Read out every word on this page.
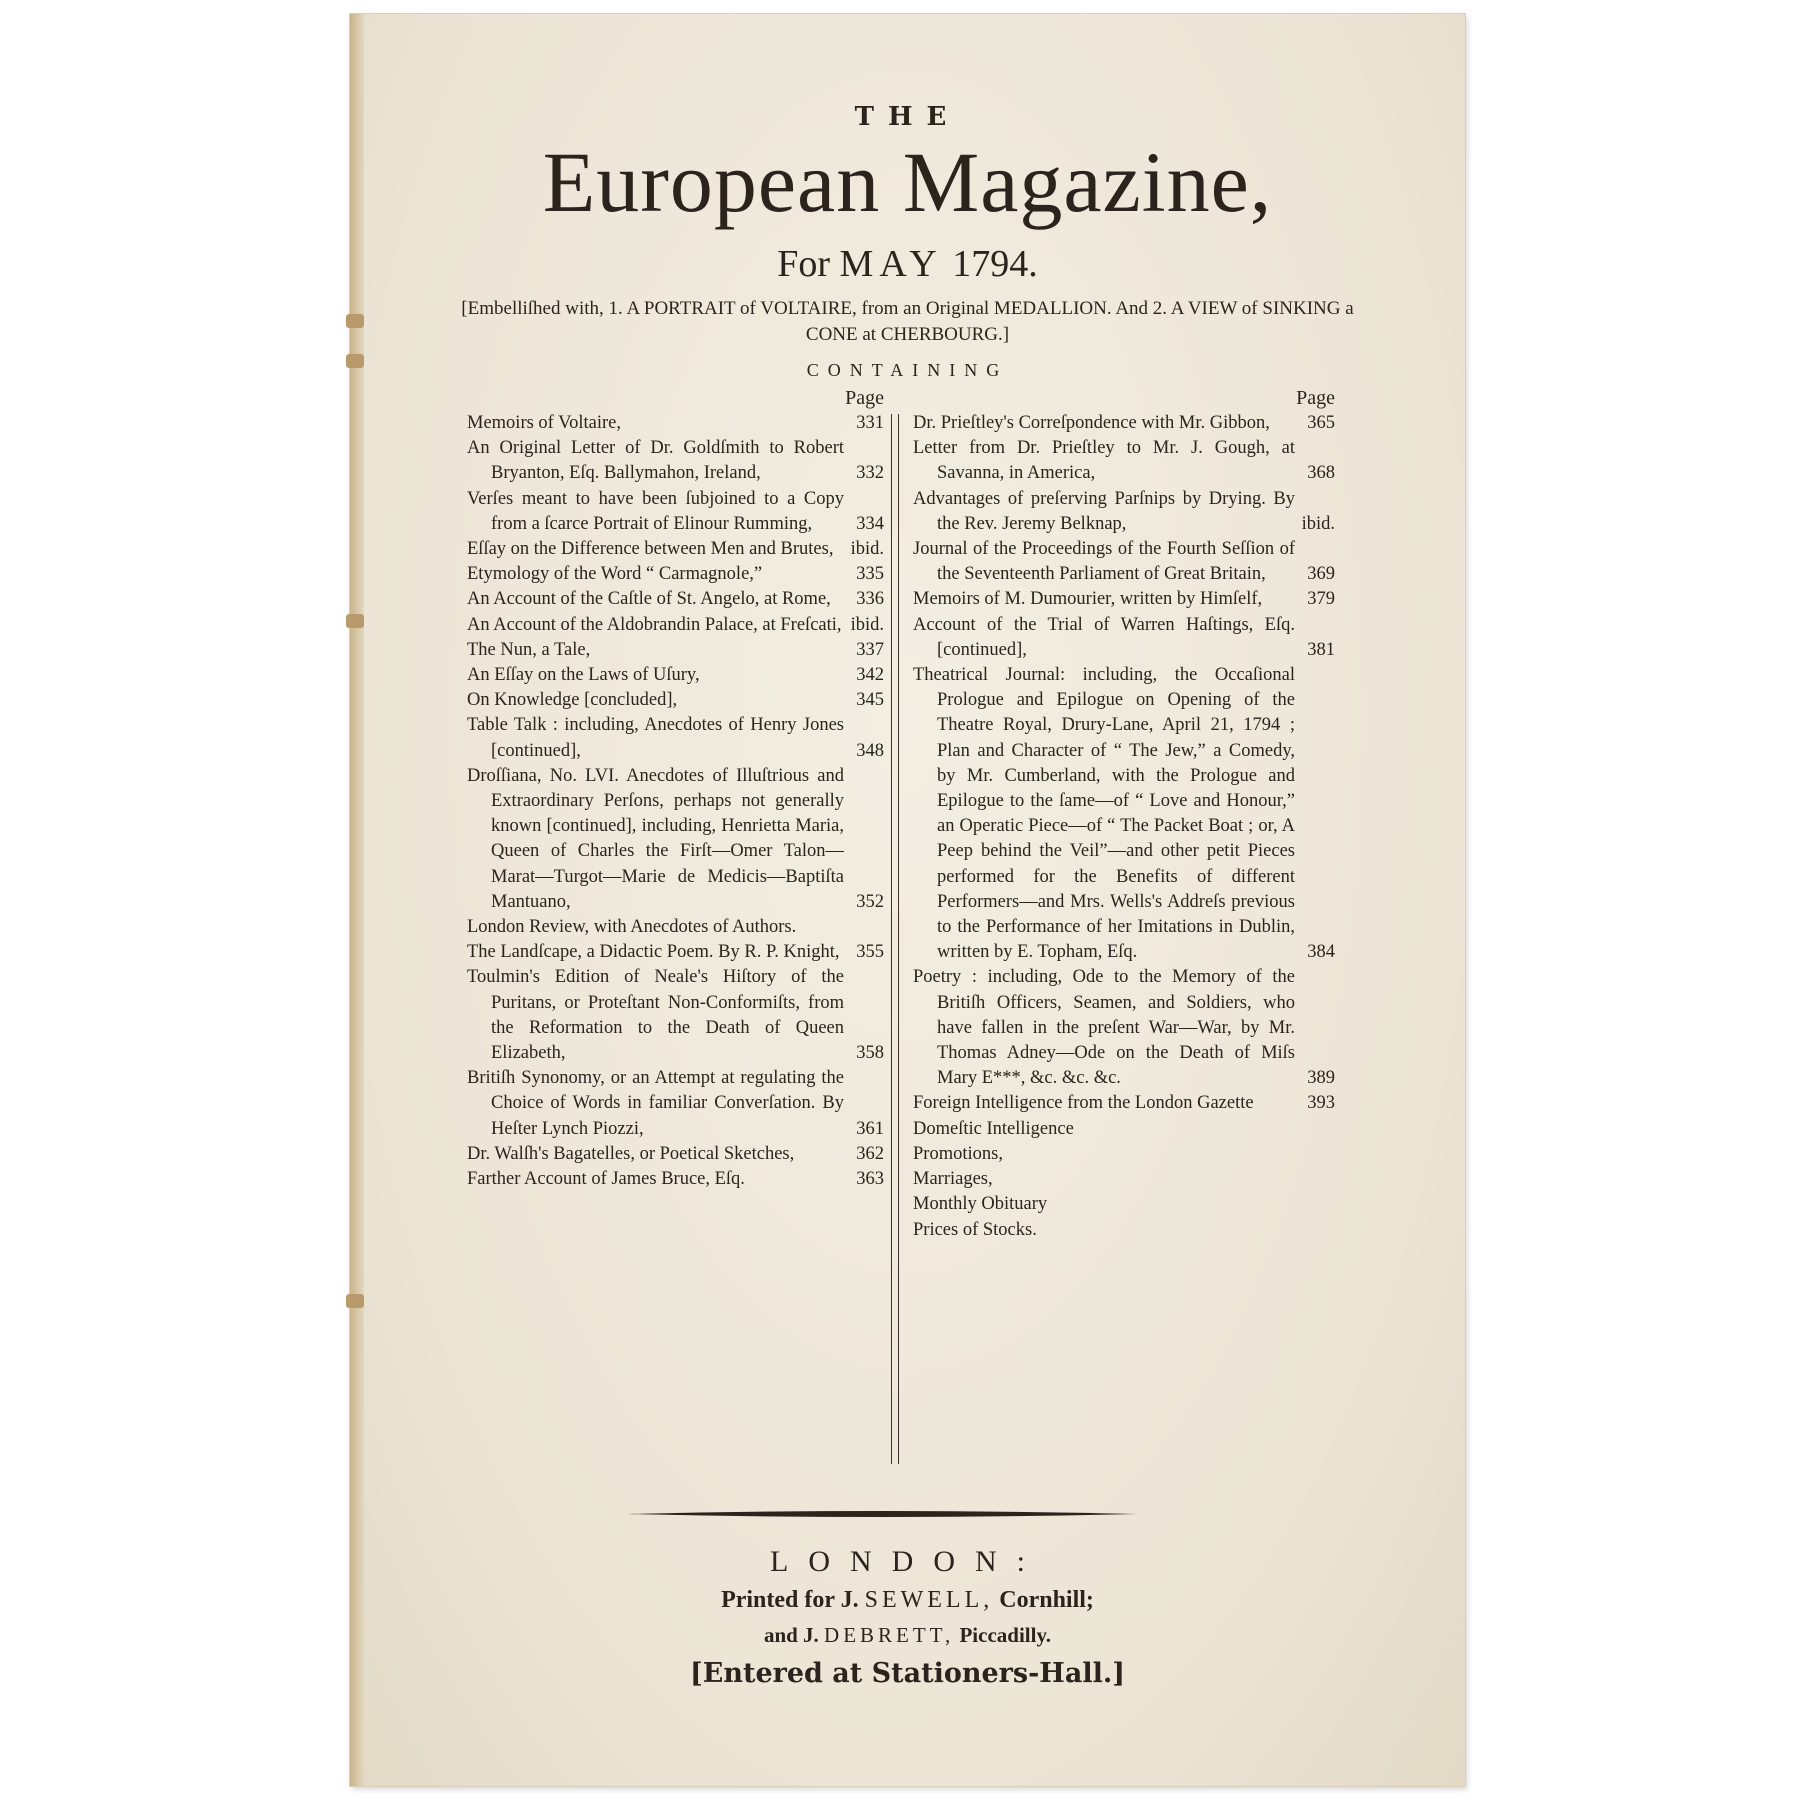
THE
European Magazine,
For MAY 1794.
[Embelliſhed with, 1. A PORTRAIT of VOLTAIRE, from an Original MEDALLION. And 2. A VIEW of SINKING a CONE at CHERBOURG.]
CONTAINING
Page
Memoirs of Voltaire,	331
An Original Letter of Dr. Goldſmith to Robert Bryanton, Eſq. Ballymahon, Ireland,	332
Verſes meant to have been ſubjoined to a Copy from a ſcarce Portrait of Elinour Rumming,	334
Eſſay on the Difference between Men and Brutes, ibid.
Etymology of the Word “ Carmagnole,”	335
An Account of the Caſtle of St. Angelo, at Rome,	336
An Account of the Aldobrandin Palace, at Freſcati, ibid.
The Nun, a Tale,	337
An Eſſay on the Laws of Uſury,	342
On Knowledge [concluded],	345
Table Talk : including, Anecdotes of Henry Jones [continued],	348
Droſſiana, No. LVI. Anecdotes of Illuſtrious and Extraordinary Perſons, perhaps not generally known [continued], including, Henrietta Maria, Queen of Charles the Firſt—Omer Talon—Marat—Turgot—Marie de Medicis—Baptiſta Mantuano,	352
London Review, with Anecdotes of Authors.
The Landſcape, a Didactic Poem. By R. P. Knight, 355
Toulmin's Edition of Neale's Hiſtory of the Puritans, or Proteſtant Non-Conformiſts, from the Reformation to the Death of Queen Elizabeth,	358
Britiſh Synonomy, or an Attempt at regulating the Choice of Words in familiar Converſation. By Heſter Lynch Piozzi,	361
Dr. Walſh's Bagatelles, or Poetical Sketches,	362
Farther Account of James Bruce, Eſq.	363
Page
Dr. Prieſtley's Correſpondence with Mr. Gibbon,	365
Letter from Dr. Prieſtley to Mr. J. Gough, at Savanna, in America,	368
Advantages of preſerving Parſnips by Drying. By the Rev. Jeremy Belknap,	ibid.
Journal of the Proceedings of the Fourth Seſſion of the Seventeenth Parliament of Great Britain,	369
Memoirs of M. Dumourier, written by Himſelf,	379
Account of the Trial of Warren Haſtings, Eſq. [continued],	381
Theatrical Journal: including, the Occaſional Prologue and Epilogue on Opening of the Theatre Royal, Drury-Lane, April 21, 1794 ; Plan and Character of “ The Jew,” a Comedy, by Mr. Cumberland, with the Prologue and Epilogue to the ſame—of “ Love and Honour,” an Operatic Piece—of “ The Packet Boat ; or, A Peep behind the Veil”—and other petit Pieces performed for the Benefits of different Performers—and Mrs. Wells's Addreſs previous to the Performance of her Imitations in Dublin, written by E. Topham, Eſq.	384
Poetry : including, Ode to the Memory of the Britiſh Officers, Seamen, and Soldiers, who have fallen in the preſent War—War, by Mr. Thomas Adney—Ode on the Death of Miſs Mary E***, &c. &c. &c.	389
Foreign Intelligence from the London Gazette	393
Domeſtic Intelligence
Promotions,
Marriages,
Monthly Obituary
Prices of Stocks.
LONDON:
Printed for J. SEWELL, Cornhill;
and J. DEBRETT, Piccadilly.
[Entered at Stationers-Hall.]
